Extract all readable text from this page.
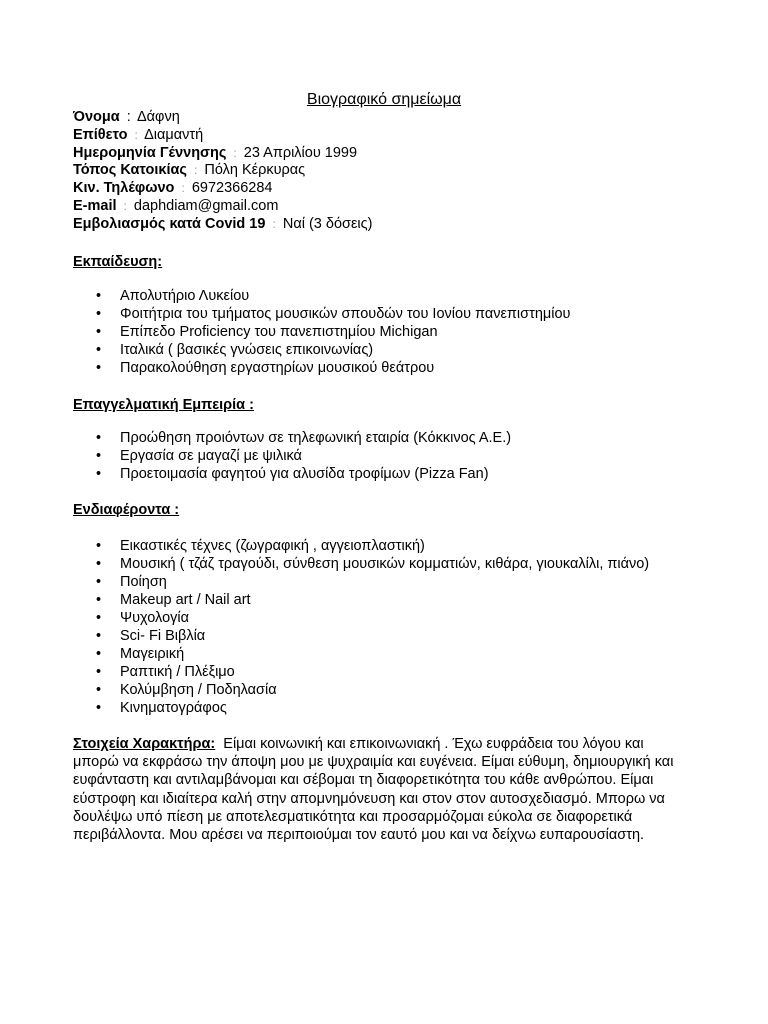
Βιογραφικό σημείωμα
Όνομα : Δάφνη
Επίθετο : Διαμαντή
Ημερομηνία Γέννησης : 23 Απριλίου 1999
Τόπος Κατοικίας : Πόλη Κέρκυρας
Κιν. Τηλέφωνο : 6972366284
E-mail : daphdiam@gmail.com
Εμβολιασμός κατά Covid 19 : Ναί (3 δόσεις)
Εκπαίδευση:
• Απολυτήριο Λυκείου
• Φοιτήτρια του τμήματος μουσικών σπουδών του Ιονίου πανεπιστημίου
• Επίπεδο Proficiency του πανεπιστημίου Michigan
• Ιταλικά ( βασικές γνώσεις επικοινωνίας)
• Παρακολούθηση εργαστηρίων μουσικού θεάτρου
Επαγγελματική Εμπειρία :
• Προώθηση προιόντων σε τηλεφωνική εταιρία (Κόκκινος Α.Ε.)
• Εργασία σε μαγαζί με ψιλικά
• Προετοιμασία φαγητού για αλυσίδα τροφίμων (Pizza Fan)
Ενδιαφέροντα :
• Εικαστικές τέχνες (ζωγραφική , αγγειοπλαστική)
• Μουσική ( τζάζ τραγούδι, σύνθεση μουσικών κομματιών, κιθάρα, γιουκαλίλι, πιάνο)
• Ποίηση
• Makeup art / Nail art
• Ψυχολογία
• Sci- Fi Βιβλία
• Μαγειρική
• Ραπτική / Πλέξιμο
• Κολύμβηση / Ποδηλασία
• Κινηματογράφος
Στοιχεία Χαρακτήρα: Είμαι κοινωνική και επικοινωνιακή . Έχω ευφράδεια του λόγου και μπορώ να εκφράσω την άποψη μου με ψυχραιμία και ευγένεια. Είμαι εύθυμη, δημιουργική και ευφάνταστη και αντιλαμβάνομαι και σέβομαι τη διαφορετικότητα του κάθε ανθρώπου. Είμαι εύστροφη και ιδιαίτερα καλή στην απομνημόνευση και στον στον αυτοσχεδιασμό. Μπορω να δουλέψω υπό πίεση με αποτελεσματικότητα και προσαρμόζομαι εύκολα σε διαφορετικά περιβάλλοντα. Μου αρέσει να περιποιούμαι τον εαυτό μου και να δείχνω ευπαρουσίαστη.
